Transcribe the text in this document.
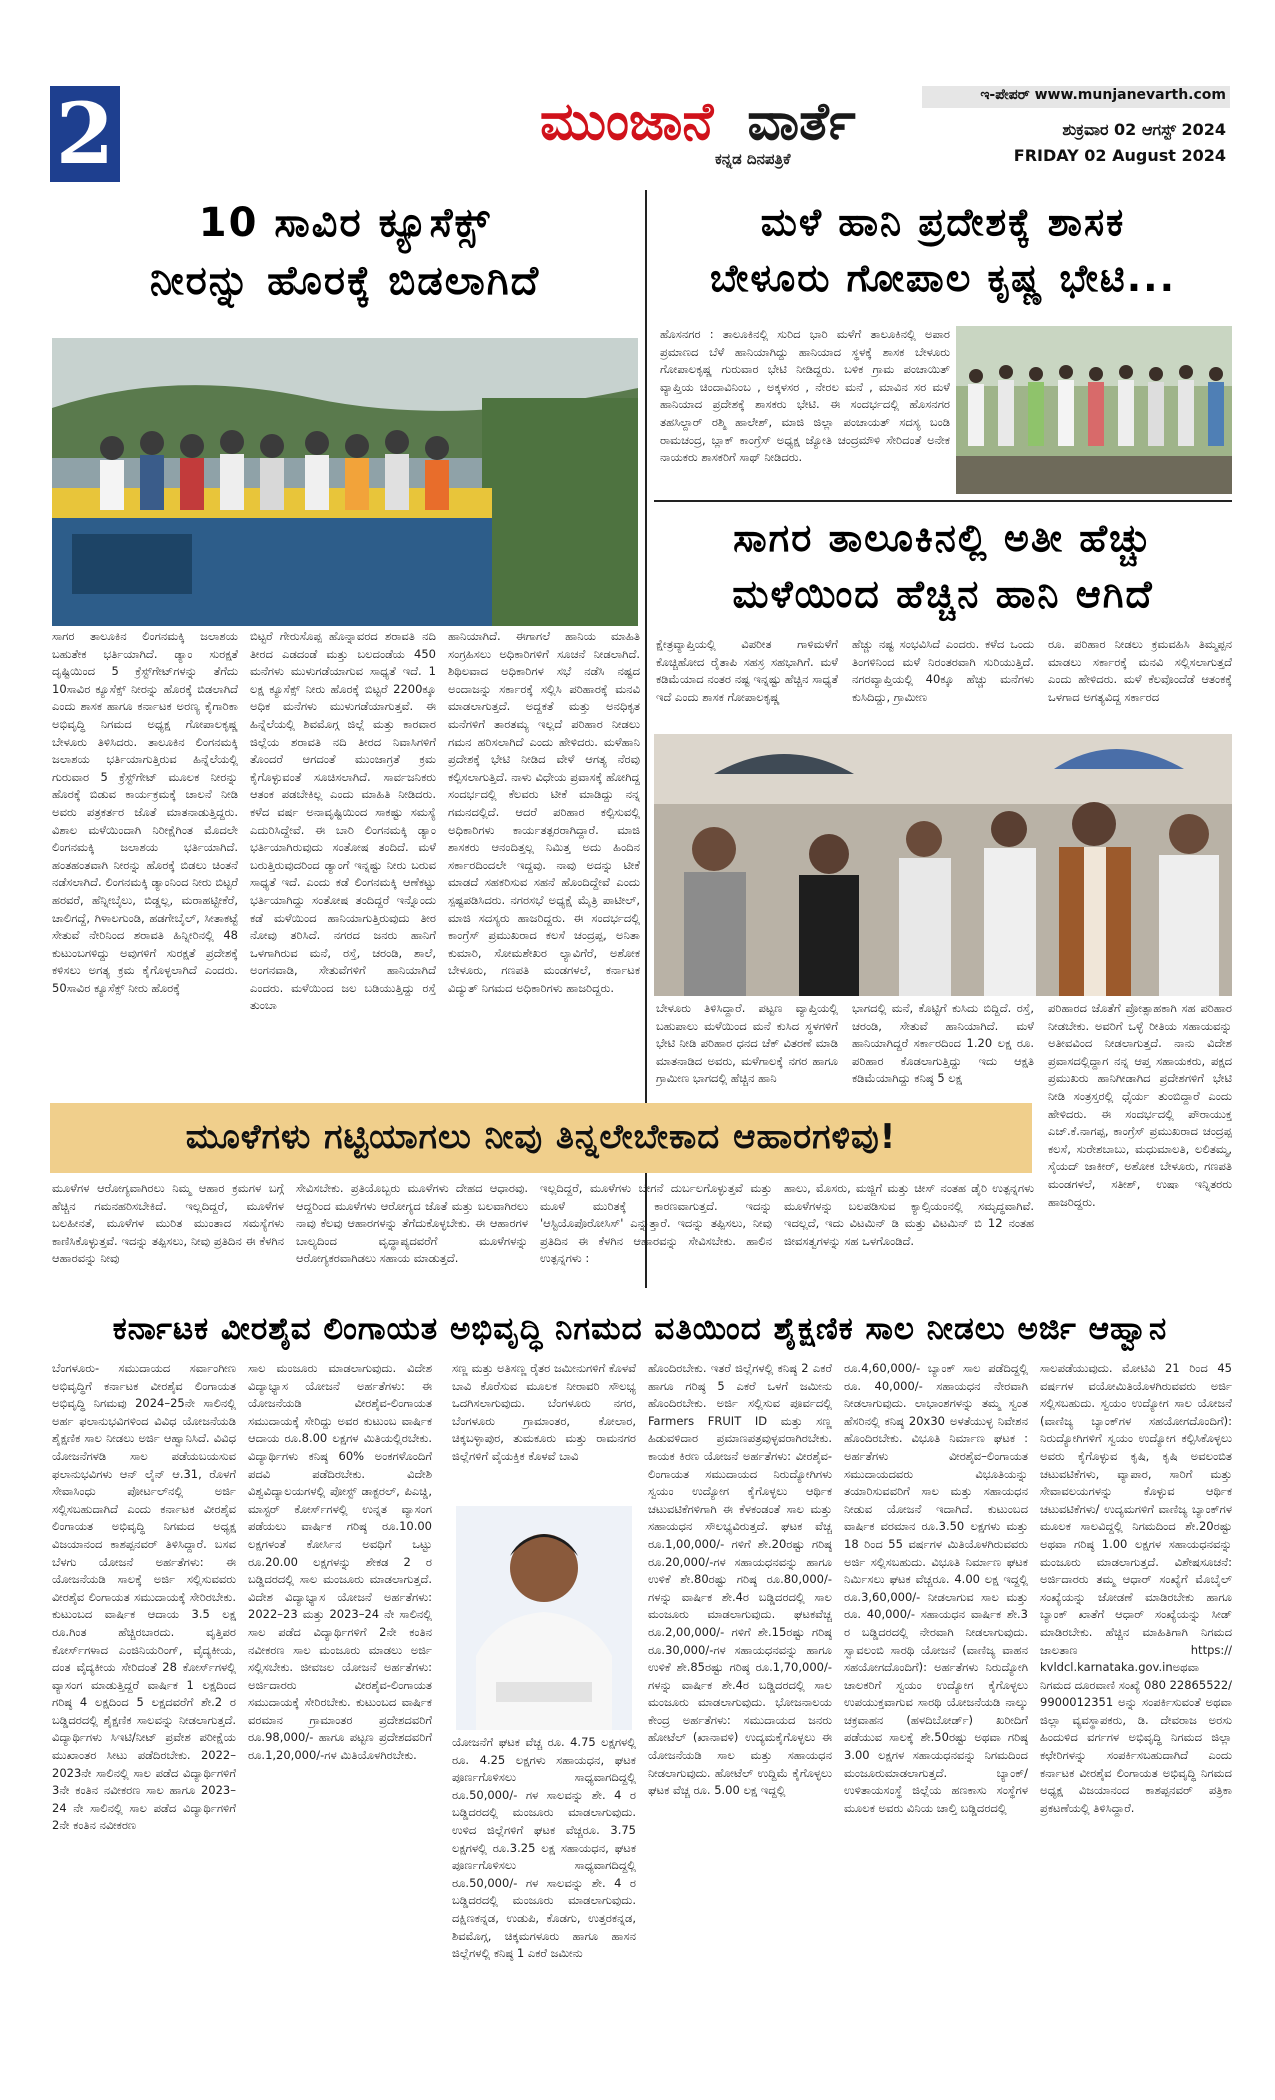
2	ಮುಂಜಾನೆ ವಾರ್ತೆ
ಕನ್ನಡ ದಿನಪತ್ರಿಕೆ
ಇ-ಪೇಪರ್ www.munjanevarth.com
ಶುಕ್ರವಾರ 02 ಆಗಸ್ಟ್ 2024
FRIDAY 02 August 2024
10 ಸಾವಿರ ಕ್ಯೂಸೆಕ್ಸ್
ನೀರನ್ನು ಹೊರಕ್ಕೆ ಬಿಡಲಾಗಿದೆ

ಸಾಗರ ತಾಲೂಕಿನ ಲಿಂಗನಮಕ್ಕಿ ಜಲಾಶಯ ಬಹುತೇಕ ಭರ್ತಿಯಾಗಿದೆ. ಡ್ಯಾಂ ಸುರಕ್ಷತೆ ದೃಷ್ಟಿಯಿಂದ 5 ಕ್ರೆಸ್ಟ್‌ಗೇಟ್‌ಗಳನ್ನು ತೆಗೆದು 10ಸಾವಿರ ಕ್ಯೂಸೆಕ್ಸ್ ನೀರನ್ನು ಹೊರಕ್ಕೆ ಬಿಡಲಾಗಿದೆ ಎಂದು ಶಾಸಕ ಹಾಗೂ ಕರ್ನಾಟಕ ಅರಣ್ಯ ಕೈಗಾರಿಕಾ ಅಭಿವೃದ್ಧಿ ನಿಗಮದ ಅಧ್ಯಕ್ಷ ಗೋಪಾಲಕೃಷ್ಣ ಬೇಳೂರು ತಿಳಿಸಿದರು. ತಾಲೂಕಿನ ಲಿಂಗನಮಕ್ಕಿ ಜಲಾಶಯ ಭರ್ತಿಯಾಗುತ್ತಿರುವ ಹಿನ್ನೆಲೆಯಲ್ಲಿ ಗುರುವಾರ 5 ಕ್ರೆಸ್ಟ್‌ಗೇಟ್ ಮೂಲಕ ನೀರನ್ನು ಹೊರಕ್ಕೆ ಬಿಡುವ ಕಾರ್ಯಕ್ರಮಕ್ಕೆ ಚಾಲನೆ ನೀಡಿ ಅವರು ಪತ್ರಕರ್ತರ ಜೊತೆ ಮಾತನಾಡುತ್ತಿದ್ದರು. ವಿಶಾಲ ಮಳೆಯಿಂದಾಗಿ ನಿರೀಕ್ಷೆಗಿಂತ ಮೊದಲೇ ಲಿಂಗನಮಕ್ಕಿ ಜಲಾಶಯ ಭರ್ತಿಯಾಗಿದೆ. ಹಂತಹಂತವಾಗಿ ನೀರನ್ನು ಹೊರಕ್ಕೆ ಬಿಡಲು ಚಿಂತನೆ ನಡೆಸಲಾಗಿದೆ. ಲಿಂಗನಮಕ್ಕಿ ಡ್ಯಾಂನಿಂದ ನೀರು ಬಿಟ್ಟರೆ ಹರವರೆ, ಹೆನ್ನೀಬೈಲು, ಬಿಡ್ಡಲ್ಲ, ಮರಾಹಟ್ಟೀಕೆರೆ, ಚಾಲಿಗದ್ದೆ, ಗಿಳಾಲಗುಂಡಿ, ಹಡಗೇಬೈಲ್, ಸೀತಾಕಟ್ಟೆ ಸೇತುವೆ ನೇರಿನಿಂದ ಶರಾವತಿ ಹಿನ್ನೀರಿನಲ್ಲಿ 48 ಕುಟುಂಬಗಳಿದ್ದು ಅವುಗಳಿಗೆ ಸುರಕ್ಷತೆ ಪ್ರದೇಶಕ್ಕೆ ಕಳಿಸಲು ಅಗತ್ಯ ಕ್ರಮ ಕೈಗೊಳ್ಳಲಾಗಿದೆ ಎಂದರು. 50ಸಾವಿರ ಕ್ಯೂಸೆಕ್ಸ್ ನೀರು ಹೊರಕ್ಕೆ

ಬಿಟ್ಟರೆ ಗೇರುಸೊಪ್ಪ ಹೊನ್ನಾವರದ ಶರಾವತಿ ನದಿ ತೀರದ ಎಡದಂಡೆ ಮತ್ತು ಬಲದಂಡೆಯ 450 ಮನೆಗಳು ಮುಳುಗಡೆಯಾಗುವ ಸಾಧ್ಯತೆ ಇದೆ. 1 ಲಕ್ಷ ಕ್ಯೂಸೆಕ್ಸ್ ನೀರು ಹೊರಕ್ಕೆ ಬಿಟ್ಟರೆ 2200ಕ್ಕೂ ಅಧಿಕ ಮನೆಗಳು ಮುಳುಗಡೆಯಾಗುತ್ತವೆ. ಈ ಹಿನ್ನೆಲೆಯಲ್ಲಿ ಶಿವಮೊಗ್ಗ ಜಿಲ್ಲೆ ಮತ್ತು ಕಾರವಾರ ಜಿಲ್ಲೆಯ ಶರಾವತಿ ನದಿ ತೀರದ ನಿವಾಸಿಗಳಿಗೆ ತೊಂದರೆ ಆಗದಂತೆ ಮುಂಜಾಗ್ರತೆ ಕ್ರಮ ಕೈಗೊಳ್ಳುವಂತೆ ಸೂಚಿಸಲಾಗಿದೆ. ಸಾರ್ವಜನಿಕರು ಆತಂಕ ಪಡಬೇಕಿಲ್ಲ ಎಂದು ಮಾಹಿತಿ ನೀಡಿದರು. ಕಳೆದ ವರ್ಷ ಅನಾವೃಷ್ಟಿಯಿಂದ ಸಾಕಷ್ಟು ಸಮಸ್ಯೆ ಎದುರಿಸಿದ್ದೇವೆ. ಈ ಬಾರಿ ಲಿಂಗನಮಕ್ಕಿ ಡ್ಯಾಂ ಭರ್ತಿಯಾಗಿರುವುದು ಸಂತೋಷ ತಂದಿದೆ. ಮಳೆ ಬರುತ್ತಿರುವುದರಿಂದ ಡ್ಯಾಂಗೆ ಇನ್ನಷ್ಟು ನೀರು ಬರುವ ಸಾಧ್ಯತೆ ಇದೆ. ಎಂದು ಕಡೆ ಲಿಂಗನಮಕ್ಕಿ ಆಣೆಕಟ್ಟು ಭರ್ತಿಯಾಗಿದ್ದು ಸಂತೋಷ ತಂದಿದ್ದರೆ ಇನ್ನೊಂದು ಕಡೆ ಮಳೆಯಿಂದ ಹಾನಿಯಾಗುತ್ತಿರುವುದು ತೀರ ನೋವು ತರಿಸಿದೆ. ನಗರದ ಜನರು ಹಾನಿಗೆ ಒಳಗಾಗಿರುವ ಮನೆ, ರಸ್ತೆ, ಚರಂಡಿ, ಶಾಲೆ, ಅಂಗನವಾಡಿ, ಸೇತುವೆಗಳಿಗೆ ಹಾನಿಯಾಗಿದೆ ಎಂದರು. ಮಳೆಯಿಂದ ಜಲ ಬಡಿಯುತ್ತಿದ್ದು ರಸ್ತೆ ತುಂಬಾ

ಹಾನಿಯಾಗಿದೆ. ಈಗಾಗಲೆ ಹಾನಿಯ ಮಾಹಿತಿ ಸಂಗ್ರಹಿಸಲು ಅಧಿಕಾರಿಗಳಿಗೆ ಸೂಚನೆ ನೀಡಲಾಗಿದೆ. ಶಿಥಿಲವಾದ ಅಧಿಕಾರಿಗಳ ಸಭೆ ನಡೆಸಿ ನಷ್ಟದ ಅಂದಾಜನ್ನು ಸರ್ಕಾರಕ್ಕೆ ಸಲ್ಲಿಸಿ ಪರಿಹಾರಕ್ಕೆ ಮನವಿ ಮಾಡಲಾಗುತ್ತದೆ. ಅದ್ದಕತೆ ಮತ್ತು ಅನಧಿಕೃತ ಮನೆಗಳಿಗೆ ತಾರತಮ್ಯ ಇಲ್ಲದೆ ಪರಿಹಾರ ನೀಡಲು ಗಮನ ಹರಿಸಲಾಗಿದೆ ಎಂದು ಹೇಳಿದರು. ಮಳೆಹಾನಿ ಪ್ರದೇಶಕ್ಕೆ ಭೇಟಿ ನೀಡಿದ ವೇಳೆ ಆಗತ್ಯ ನೆರವು ಕಲ್ಪಿಸಲಾಗುತ್ತಿದೆ. ನಾಳು ವಿಧೇಯ ಪ್ರವಾಸಕ್ಕೆ ಹೋಗಿದ್ದ ಸಂದರ್ಭದಲ್ಲಿ ಕೆಲವರು ಟೀಕೆ ಮಾಡಿದ್ದು ನನ್ನ ಗಮನದಲ್ಲಿದೆ. ಆದರೆ ಪರಿಹಾರ ಕಲ್ಪಿಸುವಲ್ಲಿ ಅಧಿಕಾರಿಗಳು ಕಾರ್ಯತತ್ಪರರಾಗಿದ್ದಾರೆ. ಮಾಜಿ ಶಾಸಕರು ಆನಂದಿತ್ತಲ್ಲ ನಿಮಿತ್ತ ಅದು ಹಿಂದಿನ ಸರ್ಕಾರದಿಂದಲೇ ಇದ್ದವು. ನಾವು ಅದನ್ನು ಟೀಕೆ ಮಾಡದೆ ಸಹಕರಿಸುವ ಸಹನೆ ಹೊಂದಿದ್ದೇವೆ ಎಂದು ಸ್ಪಷ್ಟಪಡಿಸಿದರು. ನಗರಸಭೆ ಅಧ್ಯಕ್ಷೆ ಮೈತ್ರಿ ಪಾಟೀಲ್, ಮಾಜಿ ಸದಸ್ಯರು ಹಾಜರಿದ್ದರು. ಈ ಸಂದರ್ಭದಲ್ಲಿ ಕಾಂಗ್ರೆಸ್ ಪ್ರಮುಖರಾದ ಕಲಸೆ ಚಂದ್ರಪ್ಪ, ಅನಿತಾ ಕುಮಾರಿ, ಸೋಮಶೇಖರ ಲ್ಯಾವಿಗೆರೆ, ಅಶೋಕ ಬೇಳೂರು, ಗಣಪತಿ ಮಂಡಗಳಲೆ, ಕರ್ನಾಟಕ ವಿದ್ಯುತ್ ನಿಗಮದ ಅಧಿಕಾರಿಗಳು ಹಾಜರಿದ್ದರು.

ಮಳೆ ಹಾನಿ ಪ್ರದೇಶಕ್ಕೆ ಶಾಸಕ
ಬೇಳೂರು ಗೋಪಾಲ ಕೃಷ್ಣ ಭೇಟಿ...

ಹೊಸನಗರ : ತಾಲೂಕಿನಲ್ಲಿ ಸುರಿದ ಭಾರಿ ಮಳೆಗೆ ತಾಲೂಕಿನಲ್ಲಿ ಅಪಾರ ಪ್ರಮಾಣದ ಬೆಳೆ ಹಾನಿಯಾಗಿದ್ದು ಹಾನಿಯಾದ ಸ್ಥಳಕ್ಕೆ ಶಾಸಕ ಬೇಳೂರು ಗೋಪಾಲಕೃಷ್ಣ ಗುರುವಾರ ಭೇಟಿ ನೀಡಿದ್ದರು. ಬಳಿಕ ಗ್ರಾಮ ಪಂಚಾಯಿತ್ ವ್ಯಾಪ್ತಿಯ ಚಿಂದಾವಿನಿಂಬ , ಅಕ್ಕಳಸರ , ನೇರಲ ಮನೆ , ಮಾವಿನ ಸರ ಮಳೆ ಹಾನಿಯಾದ ಪ್ರದೇಶಕ್ಕೆ ಶಾಸಕರು ಭೇಟಿ. ಈ ಸಂದರ್ಭದಲ್ಲಿ ಹೊಸನಗರ ತಹಸಿಲ್ದಾರ್ ರಶ್ಮಿ ಹಾಲೇಶ್, ಮಾಜಿ ಜಿಲ್ಲಾ ಪಂಚಾಯತ್ ಸದಸ್ಯ ಬಂಡಿ ರಾಮಚಂದ್ರ, ಬ್ಲಾಕ್ ಕಾಂಗ್ರೆಸ್ ಅಧ್ಯಕ್ಷ ಜ್ಯೋತಿ ಚಂದ್ರಮೌಳಿ ಸೇರಿದಂತೆ ಅನೇಕ ನಾಯಕರು ಶಾಸಕರಿಗೆ ಸಾಥ್ ನೀಡಿದರು.

ಸಾಗರ ತಾಲೂಕಿನಲ್ಲಿ ಅತೀ ಹೆಚ್ಚು
ಮಳೆಯಿಂದ ಹೆಚ್ಚಿನ ಹಾನಿ ಆಗಿದೆ

ಕ್ಷೇತ್ರವ್ಯಾಪ್ತಿಯಲ್ಲಿ ವಿಪರೀತ ಗಾಳಿಮಳೆಗೆ ಕೊಚ್ಚಿಹೋದ ರೈತಾಪಿ ಸಹಸ್ರ ಸಹಭಾಗಿಗೆ. ಮಳೆ ಕಡಿಮೆಯಾದ ನಂತರ ನಷ್ಟ ಇನ್ನಷ್ಟು ಹೆಚ್ಚಿನ ಸಾಧ್ಯತೆ ಇದೆ ಎಂದು ಶಾಸಕ ಗೋಪಾಲಕೃಷ್ಣ

ಹೆಚ್ಚು ನಷ್ಟ ಸಂಭವಿಸಿದೆ ಎಂದರು. ಕಳೆದ ಒಂದು ತಿಂಗಳಿನಿಂದ ಮಳೆ ನಿರಂತರವಾಗಿ ಸುರಿಯುತ್ತಿದೆ. ನಗರವ್ಯಾಪ್ತಿಯಲ್ಲಿ 40ಕ್ಕೂ ಹೆಚ್ಚು ಮನೆಗಳು ಕುಸಿದಿದ್ದು, ಗ್ರಾಮೀಣ

ರೂ. ಪರಿಹಾರ ನೀಡಲು ಕ್ರಮವಹಿಸಿ ತಿಮ್ಮಪ್ಪನ ಮಾಡಲು ಸರ್ಕಾರಕ್ಕೆ ಮನವಿ ಸಲ್ಲಿಸಲಾಗುತ್ತದೆ ಎಂದು ಹೇಳಿದರು. ಮಳೆ ಕೆಲವೊಂದೆಡೆ ಆತಂಕಕ್ಕೆ ಒಳಗಾದ ಅಗತ್ಯವಿದ್ದ ಸರ್ಕಾರದ

ಬೇಳೂರು ತಿಳಿಸಿದ್ದಾರೆ. ಪಟ್ಟಣ ವ್ಯಾಪ್ತಿಯಲ್ಲಿ ಬಹುಪಾಲು ಮಳೆಯಿಂದ ಮನೆ ಕುಸಿದ ಸ್ಥಳಗಳಿಗೆ ಭೇಟಿ ನೀಡಿ ಪರಿಹಾರ ಧನದ ಚೆಕ್ ವಿತರಣೆ ಮಾಡಿ ಮಾತನಾಡಿದ ಅವರು, ಮಳೆಗಾಲಕ್ಕೆ ನಗರ ಹಾಗೂ ಗ್ರಾಮೀಣ ಭಾಗದಲ್ಲಿ ಹೆಚ್ಚಿನ ಹಾನಿ

ಭಾಗದಲ್ಲಿ ಮನೆ, ಕೊಟ್ಟಿಗೆ ಕುಸಿದು ಬಿದ್ದಿದೆ. ರಸ್ತೆ, ಚರಂಡಿ, ಸೇತುವೆ ಹಾನಿಯಾಗಿದೆ. ಮಳೆ ಹಾನಿಯಾಗಿದ್ದರೆ ಸರ್ಕಾರದಿಂದ 1.20 ಲಕ್ಷ ರೂ. ಪರಿಹಾರ ಕೊಡಲಾಗುತ್ತಿದ್ದು ಇದು ಆಕ್ಷತಿ ಕಡಿಮೆಯಾಗಿದ್ದು ಕನಿಷ್ಠ 5 ಲಕ್ಷ

ಪರಿಹಾರದ ಜೊತೆಗೆ ಪ್ರೋತ್ಸಾಹಕಾಗಿ ಸಹ ಪರಿಹಾರ ನೀಡಬೇಕು. ಅವರಿಗೆ ಒಳ್ಳೆ ರೀತಿಯ ಸಹಾಯವನ್ನು ಅತೀವವಿಂದ ನೀಡಲಾಗುತ್ತದೆ. ನಾನು ವಿದೇಶ ಪ್ರವಾಸದಲ್ಲಿದ್ದಾಗ ನನ್ನ ಆಪ್ತ ಸಹಾಯಕರು, ಪಕ್ಷದ ಪ್ರಮುಖರು ಹಾನಿಗೀಡಾಗಿದ ಪ್ರದೇಶಗಳಿಗೆ ಭೇಟಿ ನೀಡಿ ಸಂತ್ರಸ್ತರಲ್ಲಿ ಧೈರ್ಯ ತುಂಬಿದ್ದಾರೆ ಎಂದು ಹೇಳಿದರು. ಈ ಸಂದರ್ಭದಲ್ಲಿ ಪೌರಾಯುಕ್ತ ಎಚ್.ಕೆ.ನಾಗಪ್ಪ, ಕಾಂಗ್ರೆಸ್ ಪ್ರಮುಖರಾದ ಚಂದ್ರಪ್ಪ ಕಲಸೆ, ಸುರೇಶಬಾಬು, ಮಧುಮಾಲತಿ, ಲಲಿತಮ್ಮ, ಸೈಯದ್ ಜಾಕೀರ್, ಅಶೋಕ ಬೇಳೂರು, ಗಣಪತಿ ಮಂಡಗಳಲೆ, ಸತೀಶ್, ಉಷಾ ಇನ್ನಿತರರು ಹಾಜರಿದ್ದರು.

ಮೂಳೆಗಳು ಗಟ್ಟಿಯಾಗಲು ನೀವು ತಿನ್ನಲೇಬೇಕಾದ ಆಹಾರಗಳಿವು!

ಮೂಳೆಗಳ ಆರೋಗ್ಯವಾಗಿರಲು ನಿಮ್ಮ ಆಹಾರ ಕ್ರಮಗಳ ಬಗ್ಗೆ ಹೆಚ್ಚಿನ ಗಮನಹರಿಸಬೇಕಿದೆ. ಇಲ್ಲದಿದ್ದರೆ, ಮೂಳೆಗಳ ಬಲಹೀನತೆ, ಮೂಳೆಗಳ ಮುರಿತ ಮುಂತಾದ ಸಮಸ್ಯೆಗಳು ಕಾಣಿಸಿಕೊಳ್ಳುತ್ತವೆ. ಇದನ್ನು ತಪ್ಪಿಸಲು, ನೀವು ಪ್ರತಿದಿನ ಈ ಕೆಳಗಿನ ಆಹಾರವನ್ನು ನೀವು

ಸೇವಿಸಬೇಕು. ಪ್ರತಿಯೊಬ್ಬರು ಮೂಳೆಗಳು ದೇಹದ ಆಧಾರವು. ಆದ್ದರಿಂದ ಮೂಳೆಗಳು ಆರೋಗ್ಯದ ಜೊತೆ ಮತ್ತು ಬಲವಾಗಿರಲು ನಾವು ಕೆಲವು ಆಹಾರಗಳನ್ನು ತೆಗೆದುಕೊಳ್ಳಬೇಕು. ಈ ಆಹಾರಗಳ ಬಾಲ್ಯದಿಂದ ವೃದ್ಧಾಪ್ಯದವರೆಗೆ ಮೂಳೆಗಳನ್ನು ಆರೋಗ್ಯಕರವಾಗಿಡಲು ಸಹಾಯ ಮಾಡುತ್ತದೆ.

ಇಲ್ಲದಿದ್ದರೆ, ಮೂಳೆಗಳು ಬೇಗನೆ ದುರ್ಬಲಗೊಳ್ಳುತ್ತವೆ ಮತ್ತು ಮೂಳೆ ಮುರಿತಕ್ಕೆ ಕಾರಣವಾಗುತ್ತದೆ. ಇದನ್ನು 'ಆಸ್ಟಿಯೊಪೊರೋಸಿಸ್' ಎನ್ನುತ್ತಾರೆ. ಇದನ್ನು ತಪ್ಪಿಸಲು, ನೀವು ಪ್ರತಿದಿನ ಈ ಕೆಳಗಿನ ಆಹಾರವನ್ನು ಸೇವಿಸಬೇಕು. ಹಾಲಿನ ಉತ್ಪನ್ನಗಳು :

ಹಾಲು, ಮೊಸರು, ಮಜ್ಜಿಗೆ ಮತ್ತು ಚೀಸ್ ನಂತಹ ಡೈರಿ ಉತ್ಪನ್ನಗಳು ಮೂಳೆಗಳನ್ನು ಬಲಪಡಿಸುವ ಕ್ಯಾಲ್ಸಿಯಂನಲ್ಲಿ ಸಮೃದ್ಧವಾಗಿವೆ. ಇದಲ್ಲದೆ, ಇದು ವಿಟಮಿನ್ ಡಿ ಮತ್ತು ವಿಟಮಿನ್ ಬಿ 12 ನಂತಹ ಜೀವಸತ್ವಗಳನ್ನು ಸಹ ಒಳಗೊಂಡಿದೆ.

ಕರ್ನಾಟಕ ವೀರಶೈವ ಲಿಂಗಾಯತ ಅಭಿವೃದ್ಧಿ ನಿಗಮದ ವತಿಯಿಂದ ಶೈಕ್ಷಣಿಕ ಸಾಲ ನೀಡಲು ಅರ್ಜಿ ಆಹ್ವಾನ

ಬೆಂಗಳೂರು- ಸಮುದಾಯದ ಸರ್ವಾಂಗೀಣ ಅಭಿವೃದ್ಧಿಗೆ ಕರ್ನಾಟಕ ವೀರಶೈವ ಲಿಂಗಾಯತ ಅಭಿವೃದ್ಧಿ ನಿಗಮವು 2024–25ನೇ ಸಾಲಿನಲ್ಲಿ ಅರ್ಹ ಫಲಾನುಭವಿಗಳಿಂದ ವಿವಿಧ ಯೋಜನೆಯಡಿ ಶೈಕ್ಷಣಿಕ ಸಾಲ ನೀಡಲು ಅರ್ಜಿ ಆಹ್ವಾನಿಸಿದೆ. ವಿವಿಧ ಯೋಜನೆಗಳಡಿ ಸಾಲ ಪಡೆಯಬಯಸುವ ಫಲಾನುಭವಿಗಳು ಆನ್ ಲೈನ್ ಆ.31, ರೊಳಗೆ ಸೇವಾಸಿಂಧು ಪೋರ್ಟಲ್‌ನಲ್ಲಿ ಅರ್ಜಿ ಸಲ್ಲಿಸಬಹುದಾಗಿದೆ ಎಂದು ಕರ್ನಾಟಕ ವೀರಶೈವ ಲಿಂಗಾಯತ ಅಭಿವೃದ್ಧಿ ನಿಗಮದ ಅಧ್ಯಕ್ಷ ವಿಜಯಾನಂದ ಕಾಶಪ್ಪನವರ್ ತಿಳಿಸಿದ್ದಾರೆ. ಬಸವ ಬೆಳಗು ಯೋಜನೆ ಅರ್ಹತೆಗಳು: ಈ ಯೋಜನೆಯಡಿ ಸಾಲಕ್ಕೆ ಅರ್ಜಿ ಸಲ್ಲಿಸುವವರು ವೀರಶೈವ ಲಿಂಗಾಯತ ಸಮುದಾಯಕ್ಕೆ ಸೇರಿರಬೇಕು. ಕುಟುಂಬದ ವಾರ್ಷಿಕ ಆದಾಯ 3.5 ಲಕ್ಷ ರೂ.ಗಿಂತ ಹೆಚ್ಚಿರಬಾರದು. ವೃತ್ತಿಪರ ಕೋರ್ಸ್‌ಗಳಾದ ಎಂಜಿನಿಯರಿಂಗ್, ವೈದ್ಯಕೀಯ, ದಂತ ವೈದ್ಯಕೀಯ ಸೇರಿದಂತೆ 28 ಕೋರ್ಸ್‌ಗಳಲ್ಲಿ ವ್ಯಾಸಂಗ ಮಾಡುತ್ತಿದ್ದರೆ ವಾರ್ಷಿಕ 1 ಲಕ್ಷದಿಂದ ಗರಿಷ್ಠ 4 ಲಕ್ಷದಿಂದ 5 ಲಕ್ಷದವರೆಗೆ ಶೇ.2 ರ ಬಡ್ಡಿದರದಲ್ಲಿ ಶೈಕ್ಷಣಿಕ ಸಾಲವನ್ನು ನೀಡಲಾಗುತ್ತದೆ. ವಿದ್ಯಾರ್ಥಿಗಳು ಸಿಇಟಿ/ನೀಟ್ ಪ್ರವೇಶ ಪರೀಕ್ಷೆಯ ಮುಖಾಂತರ ಸೀಟು ಪಡೆದಿರಬೇಕು. 2022–2023ನೇ ಸಾಲಿನಲ್ಲಿ ಸಾಲ ಪಡೆದ ವಿದ್ಯಾರ್ಥಿಗಳಿಗೆ 3ನೇ ಕಂತಿನ ನವೀಕರಣ ಸಾಲ ಹಾಗೂ 2023–24 ನೇ ಸಾಲಿನಲ್ಲಿ ಸಾಲ ಪಡೆದ ವಿದ್ಯಾರ್ಥಿಗಳಿಗೆ 2ನೇ ಕಂತಿನ ನವೀಕರಣ

ಸಾಲ ಮಂಜೂರು ಮಾಡಲಾಗುವುದು. ವಿದೇಶ ವಿದ್ಯಾಭ್ಯಾಸ ಯೋಜನೆ ಅರ್ಹತೆಗಳು: ಈ ಯೋಜನೆಯಡಿ ವೀರಶೈವ-ಲಿಂಗಾಯತ ಸಮುದಾಯಕ್ಕೆ ಸೇರಿದ್ದು ಅವರ ಕುಟುಂಬ ವಾರ್ಷಿಕ ಆದಾಯ ರೂ.8.00 ಲಕ್ಷಗಳ ಮಿತಿಯಲ್ಲಿರಬೇಕು. ವಿದ್ಯಾರ್ಥಿಗಳು ಕನಿಷ್ಠ 60% ಅಂಕಗಳೊಂದಿಗೆ ಪದವಿ ಪಡೆದಿರಬೇಕು. ವಿದೇಶಿ ವಿಶ್ವವಿದ್ಯಾಲಯಗಳಲ್ಲಿ ಪೋಸ್ಟ್ ಡಾಕ್ಟರಲ್, ಪಿಎಚ್ಡಿ, ಮಾಸ್ಟರ್ ಕೋರ್ಸ್‌ಗಳಲ್ಲಿ ಉನ್ನತ ವ್ಯಾಸಂಗ ಪಡೆಯಲು ವಾರ್ಷಿಕ ಗರಿಷ್ಠ ರೂ.10.00 ಲಕ್ಷಗಳಂತೆ ಕೋರ್ಸಿನ ಅವಧಿಗೆ ಒಟ್ಟು ರೂ.20.00 ಲಕ್ಷಗಳನ್ನು ಶೇಕಡ 2 ರ ಬಡ್ಡಿದರದಲ್ಲಿ ಸಾಲ ಮಂಜೂರು ಮಾಡಲಾಗುತ್ತದೆ. ವಿದೇಶ ವಿದ್ಯಾಭ್ಯಾಸ ಯೋಜನೆ ಅರ್ಹತೆಗಳು: 2022–23 ಮತ್ತು 2023–24 ನೇ ಸಾಲಿನಲ್ಲಿ ಸಾಲ ಪಡೆದ ವಿದ್ಯಾರ್ಥಿಗಳಿಗೆ 2ನೇ ಕಂತಿನ ನವೀಕರಣ ಸಾಲ ಮಂಜೂರು ಮಾಡಲು ಅರ್ಜಿ ಸಲ್ಲಿಸಬೇಕು. ಜೀವಜಲ ಯೋಜನೆ ಅರ್ಹತೆಗಳು: ಅರ್ಜಿದಾರರು ವೀರಶೈವ-ಲಿಂಗಾಯತ ಸಮುದಾಯಕ್ಕೆ ಸೇರಿರಬೇಕು. ಕುಟುಂಬದ ವಾರ್ಷಿಕ ವರಮಾನ ಗ್ರಾಮಾಂತರ ಪ್ರದೇಶದವರಿಗೆ ರೂ.98,000/- ಹಾಗೂ ಪಟ್ಟಣ ಪ್ರದೇಶದವರಿಗೆ ರೂ.1,20,000/-ಗಳ ಮಿತಿಯೊಳಗಿರಬೇಕು.

ಸಣ್ಣ ಮತ್ತು ಅತಿಸಣ್ಣ ರೈತರ ಜಮೀನುಗಳಿಗೆ ಕೊಳವೆ ಬಾವಿ ಕೊರೆಸುವ ಮೂಲಕ ನೀರಾವರಿ ಸೌಲಭ್ಯ ಒದಗಿಸಲಾಗುವುದು. ಬೆಂಗಳೂರು ನಗರ, ಬೆಂಗಳೂರು ಗ್ರಾಮಾಂತರ, ಕೋಲಾರ, ಚಿಕ್ಕಬಳ್ಳಾಪುರ, ತುಮಕೂರು ಮತ್ತು ರಾಮನಗರ ಜಿಲ್ಲೆಗಳಿಗೆ ವೈಯಕ್ತಿಕ ಕೊಳವೆ ಬಾವಿ

ಯೋಜನೆಗೆ ಘಟಕ ವೆಚ್ಚ ರೂ. 4.75 ಲಕ್ಷಗಳಲ್ಲಿ ರೂ. 4.25 ಲಕ್ಷಗಳು ಸಹಾಯಧನ, ಘಟಕ ಪೂರ್ಣಗೊಳಿಸಲು ಸಾಧ್ಯವಾಗದಿದ್ದಲ್ಲಿ ರೂ.50,000/- ಗಳ ಸಾಲವನ್ನು ಶೇ. 4 ರ ಬಡ್ಡಿದರದಲ್ಲಿ ಮಂಜೂರು ಮಾಡಲಾಗುವುದು. ಉಳಿದ ಜಿಲ್ಲೆಗಳಿಗೆ ಘಟಕ ವೆಚ್ಚರೂ. 3.75 ಲಕ್ಷಗಳಲ್ಲಿ ರೂ.3.25 ಲಕ್ಷ ಸಹಾಯಧನ, ಘಟಕ ಪೂರ್ಣಗೊಳಿಸಲು ಸಾಧ್ಯವಾಗದಿದ್ದಲ್ಲಿ ರೂ.50,000/- ಗಳ ಸಾಲವನ್ನು ಶೇ. 4 ರ ಬಡ್ಡಿದರದಲ್ಲಿ ಮಂಜೂರು ಮಾಡಲಾಗುವುದು. ದಕ್ಷಿಣಕನ್ನಡ, ಉಡುಪಿ, ಕೊಡಗು, ಉತ್ತರಕನ್ನಡ, ಶಿವಮೊಗ್ಗ, ಚಿಕ್ಕಮಗಳೂರು ಹಾಗೂ ಹಾಸನ ಜಿಲ್ಲೆಗಳಲ್ಲಿ ಕನಿಷ್ಠ 1 ಎಕರೆ ಜಮೀನು

ಹೊಂದಿರಬೇಕು. ಇತರೆ ಜಿಲ್ಲೆಗಳಲ್ಲಿ ಕನಿಷ್ಠ 2 ಎಕರೆ ಹಾಗೂ ಗರಿಷ್ಠ 5 ಎಕರೆ ಒಳಗೆ ಜಮೀನು ಹೊಂದಿರಬೇಕು. ಅರ್ಜಿ ಸಲ್ಲಿಸುವ ಪೂರ್ವದಲ್ಲಿ Farmers FRUIT ID ಮತ್ತು ಸಣ್ಣ ಹಿಡುವಳಿದಾರ ಪ್ರಮಾಣಪತ್ರವುಳ್ಳವರಾಗಿರಬೇಕು. ಕಾಯಕ ಕಿರಣ ಯೋಜನೆ ಅರ್ಹತೆಗಳು: ವೀರಶೈವ-ಲಿಂಗಾಯತ ಸಮುದಾಯದ ನಿರುದ್ಯೋಗಿಗಳು ಸ್ವಯಂ ಉದ್ಯೋಗ ಕೈಗೊಳ್ಳಲು ಆರ್ಥಿಕ ಚಟುವಟಿಕೆಗಳಿಗಾಗಿ ಈ ಕೆಳಕಂಡಂತೆ ಸಾಲ ಮತ್ತು ಸಹಾಯಧನ ಸೌಲಭ್ಯವಿರುತ್ತದೆ. ಘಟಕ ವೆಚ್ಚ ರೂ.1,00,000/- ಗಳಿಗೆ ಶೇ.20ರಷ್ಟು ಗರಿಷ್ಠ ರೂ.20,000/-ಗಳ ಸಹಾಯಧನವನ್ನು ಹಾಗೂ ಉಳಿಕೆ ಶೇ.80ರಷ್ಟು ಗರಿಷ್ಠ ರೂ.80,000/-ಗಳನ್ನು ವಾರ್ಷಿಕ ಶೇ.4ರ ಬಡ್ಡಿದರದಲ್ಲಿ ಸಾಲ ಮಂಜೂರು ಮಾಡಲಾಗುವುದು. ಘಟಕವೆಚ್ಚ ರೂ.2,00,000/- ಗಳಿಗೆ ಶೇ.15ರಷ್ಟು ಗರಿಷ್ಠ ರೂ.30,000/-ಗಳ ಸಹಾಯಧನವನ್ನು ಹಾಗೂ ಉಳಿಕೆ ಶೇ.85ರಷ್ಟು ಗರಿಷ್ಠ ರೂ.1,70,000/-ಗಳನ್ನು ವಾರ್ಷಿಕ ಶೇ.4ರ ಬಡ್ಡಿದರದಲ್ಲಿ ಸಾಲ ಮಂಜೂರು ಮಾಡಲಾಗುವುದು. ಭೋಜನಾಲಯ ಕೇಂದ್ರ ಅರ್ಹತೆಗಳು: ಸಮುದಾಯದ ಜನರು ಹೋಟೆಲ್ (ಖಾನಾವಳಿ) ಉದ್ಯಮಕೈಗೊಳ್ಳಲು ಈ ಯೋಜನೆಯಡಿ ಸಾಲ ಮತ್ತು ಸಹಾಯಧನ ನೀಡಲಾಗುವುದು. ಹೋಟೆಲ್ ಉದ್ದಿಮೆ ಕೈಗೊಳ್ಳಲು ಘಟಕ ವೆಚ್ಚ ರೂ. 5.00 ಲಕ್ಷ ಇದ್ದಲ್ಲಿ

ರೂ.4,60,000/- ಬ್ಯಾಂಕ್ ಸಾಲ ಪಡೆದಿದ್ದಲ್ಲಿ ರೂ. 40,000/- ಸಹಾಯಧನ ನೇರವಾಗಿ ನೀಡಲಾಗುವುದು. ಲಾಭಾಂಶಗಳನ್ನು ತಮ್ಮ ಸ್ವಂತ ಹೆಸರಿನಲ್ಲಿ ಕನಿಷ್ಠ 20x30 ಅಳತೆಯುಳ್ಳ ನಿವೇಶನ ಹೊಂದಿರಬೇಕು. ವಿಭೂತಿ ನಿರ್ಮಾಣ ಘಟಕ : ಅರ್ಹತೆಗಳು ವೀರಶೈವ–ಲಿಂಗಾಯತ ಸಮುದಾಯದವರು ವಿಭೂತಿಯನ್ನು ತಯಾರಿಸುವವರಿಗೆ ಸಾಲ ಮತ್ತು ಸಹಾಯಧನ ನೀಡುವ ಯೋಜನೆ ಇದಾಗಿದೆ. ಕುಟುಂಬದ ವಾರ್ಷಿಕ ವರಮಾನ ರೂ.3.50 ಲಕ್ಷಗಳು ಮತ್ತು 18 ರಿಂದ 55 ವರ್ಷಗಳ ಮಿತಿಯೊಳಗಿರುವವರು ಅರ್ಜಿ ಸಲ್ಲಿಸಬಹುದು. ವಿಭೂತಿ ನಿರ್ಮಾಣ ಘಟಕ ನಿರ್ಮಿಸಲು ಘಟಕ ವೆಚ್ಚರೂ. 4.00 ಲಕ್ಷ ಇದ್ದಲ್ಲಿ ರೂ.3,60,000/- ನೀಡಲಾಗುವ ಸಾಲ ಮತ್ತು ರೂ. 40,000/- ಸಹಾಯಧನ ವಾರ್ಷಿಕ ಶೇ.3 ರ ಬಡ್ಡಿದರದಲ್ಲಿ ನೇರವಾಗಿ ನೀಡಲಾಗುವುದು. ಸ್ವಾವಲಂಬಿ ಸಾರಥಿ ಯೋಜನೆ (ವಾಣಿಜ್ಯ ವಾಹನ ಸಹಯೋಗದೊಂದಿಗೆ): ಅರ್ಹತೆಗಳು ನಿರುದ್ಯೋಗಿ ಚಾಲಕರಿಗೆ ಸ್ವಯಂ ಉದ್ಯೋಗ ಕೈಗೊಳ್ಳಲು ಉಪಯುಕ್ತವಾಗುವ ಸಾರಥಿ ಯೋಜನೆಯಡಿ ನಾಲ್ಕು ಚಕ್ರವಾಹನ (ಹಳದಿಬೋರ್ಡ್) ಖರೀದಿಗೆ ಪಡೆಯುವ ಸಾಲಕ್ಕೆ ಶೇ.50ರಷ್ಟು ಅಥವಾ ಗರಿಷ್ಠ 3.00 ಲಕ್ಷಗಳ ಸಹಾಯಧನವನ್ನು ನಿಗಮದಿಂದ ಮಂಜೂರುಮಾಡಲಾಗುತ್ತದೆ. ಬ್ಯಾಂಕ್/ ಉಳಿತಾಯಸಂಸ್ಥೆ ಜಿಲ್ಲೆಯ ಹಣಕಾಸು ಸಂಸ್ಥೆಗಳ ಮೂಲಕ ಅವರು ವಿನಿಯ ಚಾಲ್ತಿ ಬಡ್ಡಿದರದಲ್ಲಿ

ಸಾಲಪಡೆಯುವುದು. ಮೋಟಿವಿ 21 ರಿಂದ 45 ವರ್ಷಗಳ ವಯೋಮಿತಿಯೊಳಗಿರುವವರು ಅರ್ಜಿ ಸಲ್ಲಿಸಬಹುದು. ಸ್ವಯಂ ಉದ್ಯೋಗ ಸಾಲ ಯೋಜನೆ (ವಾಣಿಜ್ಯ ಬ್ಯಾಂಕ್‌ಗಳ ಸಹಯೋಗದೊಂದಿಗೆ): ನಿರುದ್ಯೋಗಿಗಳಿಗೆ ಸ್ವಯಂ ಉದ್ಯೋಗ ಕಲ್ಪಿಸಿಕೊಳ್ಳಲು ಅವರು ಕೈಗೊಳ್ಳುವ ಕೃಷಿ, ಕೃಷಿ ಅವಲಂಬಿತ ಚಟುವಟಿಕೆಗಳು, ವ್ಯಾಪಾರ, ಸಾರಿಗೆ ಮತ್ತು ಸೇವಾವಲಯಗಳನ್ನು ಕೊಳ್ಳುವ ಆರ್ಥಿಕ ಚಟುವಟಿಕೆಗಳು/ ಉದ್ಯಮಗಳಿಗೆ ವಾಣಿಜ್ಯ ಬ್ಯಾಂಕ್‌ಗಳ ಮೂಲಕ ಸಾಲವಿದ್ದಲ್ಲಿ ನಿಗಮದಿಂದ ಶೇ.20ರಷ್ಟು ಅಥವಾ ಗರಿಷ್ಠ 1.00 ಲಕ್ಷಗಳ ಸಹಾಯಧನವನ್ನು ಮಂಜೂರು ಮಾಡಲಾಗುತ್ತದೆ. ವಿಶೇಷಸೂಚನೆ: ಅರ್ಜಿದಾರರು ತಮ್ಮ ಆಧಾರ್ ಸಂಖ್ಯೆಗೆ ಮೊಬೈಲ್ ಸಂಖ್ಯೆಯನ್ನು ಜೋಡಣೆ ಮಾಡಿರಬೇಕು ಹಾಗೂ ಬ್ಯಾಂಕ್ ಖಾತೆಗೆ ಆಧಾರ್ ಸಂಖ್ಯೆಯನ್ನು ಸೀಡ್ ಮಾಡಿರಬೇಕು. ಹೆಚ್ಚಿನ ಮಾಹಿತಿಗಾಗಿ ನಿಗಮದ ಜಾಲತಾಣ https:// kvldcl.karnataka.gov.inಅಥವಾ ನಿಗಮದ ದೂರವಾಣಿ ಸಂಖ್ಯೆ 080 22865522/ 9900012351 ಅನ್ನು ಸಂಪರ್ಕಿಸುವಂತೆ ಅಥವಾ ಜಿಲ್ಲಾ ವ್ಯವಸ್ಥಾಪಕರು, ಡಿ. ದೇವರಾಜ ಅರಸು ಹಿಂದುಳಿದ ವರ್ಗಗಳ ಅಭಿವೃದ್ಧಿ ನಿಗಮದ ಜಿಲ್ಲಾ ಕಛೇರಿಗಳನ್ನು ಸಂಪರ್ಕಿಸಬಹುದಾಗಿದೆ ಎಂದು ಕರ್ನಾಟಕ ವೀರಶೈವ ಲಿಂಗಾಯತ ಅಭಿವೃದ್ಧಿ ನಿಗಮದ ಅಧ್ಯಕ್ಷ ವಿಜಯಾನಂದ ಕಾಶಪ್ಪನವರ್ ಪತ್ರಿಕಾ ಪ್ರಕಟಣೆಯಲ್ಲಿ ತಿಳಿಸಿದ್ದಾರೆ.
